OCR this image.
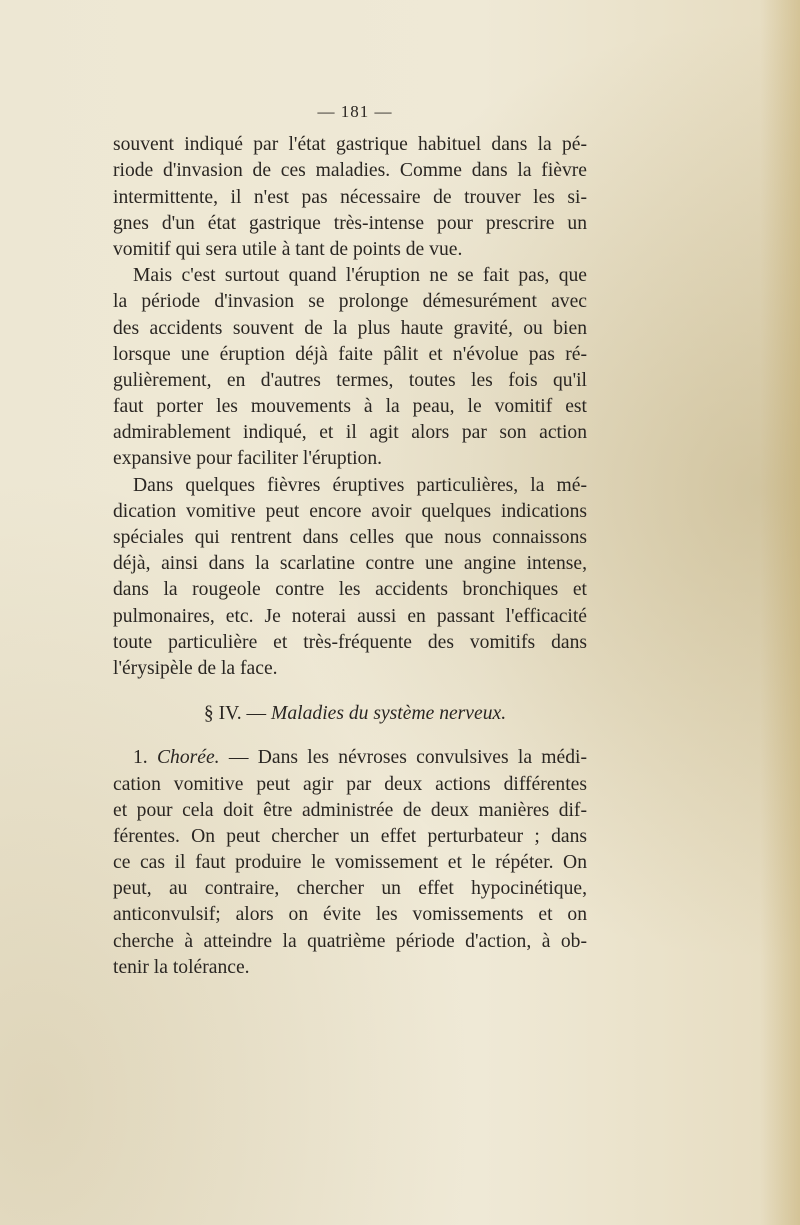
— 181 —
souvent indiqué par l'état gastrique habituel dans la pé-
riode d'invasion de ces maladies. Comme dans la fièvre
intermittente, il n'est pas nécessaire de trouver les si-
gnes d'un état gastrique très-intense pour prescrire un
vomitif qui sera utile à tant de points de vue.
Mais c'est surtout quand l'éruption ne se fait pas, que
la période d'invasion se prolonge démesurément avec
des accidents souvent de la plus haute gravité, ou bien
lorsque une éruption déjà faite pâlit et n'évolue pas ré-
gulièrement, en d'autres termes, toutes les fois qu'il
faut porter les mouvements à la peau, le vomitif est
admirablement indiqué, et il agit alors par son action
expansive pour faciliter l'éruption.
Dans quelques fièvres éruptives particulières, la mé-
dication vomitive peut encore avoir quelques indications
spéciales qui rentrent dans celles que nous connaissons
déjà, ainsi dans la scarlatine contre une angine intense,
dans la rougeole contre les accidents bronchiques et
pulmonaires, etc. Je noterai aussi en passant l'efficacité
toute particulière et très-fréquente des vomitifs dans
l'érysipèle de la face.
§ IV. — Maladies du système nerveux.
1. Chorée. — Dans les névroses convulsives la médi-
cation vomitive peut agir par deux actions différentes
et pour cela doit être administrée de deux manières dif-
férentes. On peut chercher un effet perturbateur ; dans
ce cas il faut produire le vomissement et le répéter. On
peut, au contraire, chercher un effet hypocinétique,
anticonvulsif; alors on évite les vomissements et on
cherche à atteindre la quatrième période d'action, à ob-
tenir la tolérance.
